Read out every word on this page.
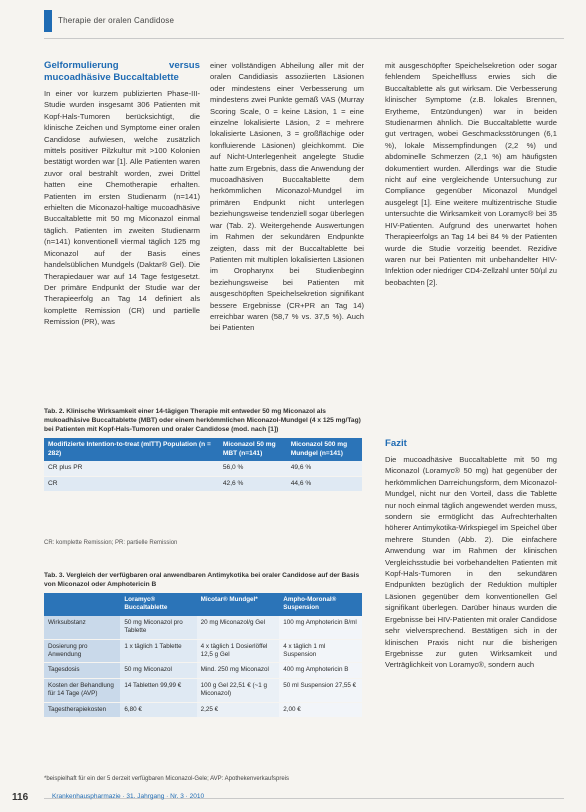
Therapie der oralen Candidose
Gelformulierung versus mucoadhäsive Buccaltablette

In einer vor kurzem publizierten Phase-III-Studie wurden insgesamt 306 Patienten mit Kopf-Hals-Tumoren berücksichtigt, die klinische Zeichen und Symptome einer oralen Candidose aufwiesen, welche zusätzlich mittels positiver Pilzkultur mit >100 Kolonien bestätigt worden war [1]. Alle Patienten waren zuvor oral bestrahlt worden, zwei Drittel hatten eine Chemotherapie erhalten. Patienten im ersten Studienarm (n=141) erhielten die Miconazol-haltige mucoadhäsive Buccaltablette mit 50 mg Miconazol einmal täglich. Patienten im zweiten Studienarm (n=141) konventionell viermal täglich 125 mg Miconazol auf der Basis eines handelsüblichen Mundgels (Daktar® Gel). Die Therapiedauer war auf 14 Tage festgesetzt. Der primäre Endpunkt der Studie war der Therapieerfolg an Tag 14 definiert als komplette Remission (CR) und partielle Remission (PR), was

einer vollständigen Abheilung aller mit der oralen Candidiasis assoziierten Läsionen oder mindestens einer Verbesserung um mindestens zwei Punkte gemäß VAS (Murray Scoring Scale, 0 = keine Läsion, 1 = eine einzelne lokalisierte Läsion, 2 = mehrere lokalisierte Läsionen, 3 = großflächige oder konfluierende Läsionen) gleichkommt. Die auf Nicht-Unterlegenheit angelegte Studie hatte zum Ergebnis, dass die Anwendung der mucoadhäsiven Buccaltablette dem herkömmlichen Miconazol-Mundgel im primären Endpunkt nicht unterlegen beziehungsweise tendenziell sogar überlegen war (Tab. 2). Weitergehende Auswertungen im Rahmen der sekundären Endpunkte zeigten, dass mit der Buccaltablette bei Patienten mit multiplen lokalisierten Läsionen im Oropharynx bei Studienbeginn beziehungsweise bei Patienten mit ausgeschöpften Speichelsekretion signifikant bessere Ergebnisse (CR+PR an Tag 14) erreichbar waren (58,7 % vs. 37,5 %). Auch bei Patienten

mit ausgeschöpfter Speichelsekretion oder sogar fehlendem Speichelfluss erwies sich die Buccaltablette als gut wirksam. Die Verbesserung klinischer Symptome (z.B. lokales Brennen, Erytheme, Entzündungen) war in beiden Studienarmen ähnlich. Die Buccaltablette wurde gut vertragen, wobei Geschmacksstörungen (6,1 %), lokale Missempfindungen (2,2 %) und abdominelle Schmerzen (2,1 %) am häufigsten dokumentiert wurden. Allerdings war die Studie nicht auf eine vergleichende Untersuchung zur Compliance gegenüber Miconazol Mundgel ausgelegt [1]. Eine weitere multizentrische Studie untersuchte die Wirksamkeit von Loramyc® bei 35 HIV-Patienten. Aufgrund des unerwartet hohen Therapieerfolgs an Tag 14 bei 84 % der Patienten wurde die Studie vorzeitig beendet. Rezidive waren nur bei Patienten mit unbehandelter HIV-Infektion oder niedriger CD4-Zellzahl unter 50/µl zu beobachten [2].

Fazit

Die mucoadhäsive Buccaltablette mit 50 mg Miconazol (Loramyc® 50 mg) hat gegenüber der herkömmlichen Darreichungsform, dem Miconazol-Mundgel, nicht nur den Vorteil, dass die Tablette nur noch einmal täglich angewendet werden muss, sondern sie ermöglicht das Aufrechterhalten höherer Antimykotika-Wirkspiegel im Speichel über mehrere Stunden (Abb. 2). Die einfachere Anwendung war im Rahmen der klinischen Vergleichsstudie bei vorbehandelten Patienten mit Kopf-Hals-Tumoren in den sekundären Endpunkten bezüglich der Reduktion multipler Läsionen gegenüber dem konventionellen Gel signifikant überlegen. Darüber hinaus wurden die Ergebnisse bei HIV-Patienten mit oraler Candidose sehr vielversprechend. Bestätigen sich in der klinischen Praxis nicht nur die bisherigen Ergebnisse zur guten Wirksamkeit und Verträglichkeit von Loramyc®, sondern auch

Tab. 2. Klinische Wirksamkeit einer 14-tägigen Therapie mit entweder 50 mg Miconazol als mukoadhäsive Buccaltablette (MBT) oder einem herkömmlichen Miconazol-Mundgel (4 x 125 mg/Tag) bei Patienten mit Kopf-Hals-Tumoren und oraler Candidose (mod. nach [1])
Modifizierte Intention-to-treat (mITT) Population (n = 282)	Miconazol 50 mg MBT (n=141)	Miconazol 500 mg Mundgel (n=141)
CR plus PR	56,0 %	49,6 %
CR	42,6 %	44,6 %
CR: komplette Remission; PR: partielle Remission
Tab. 3. Vergleich der verfügbaren oral anwendbaren Antimykotika bei oraler Candidose auf der Basis von Miconazol oder Amphotericin B
	Loramyc® Buccaltablette	Micotar® Mundgel*	Ampho-Moronal® Suspension
Wirksubstanz	50 mg Miconazol pro Tablette	20 mg Miconazol/g Gel	100 mg Amphotericin B/ml
Dosierung pro Anwendung	1 x täglich 1 Tablette	4 x täglich 1 Dosierlöffel 12,5 g Gel	4 x täglich 1 ml Suspension
Tagesdosis	50 mg Miconazol	Mind. 250 mg Miconazol	400 mg Amphotericin B
Kosten der Behandlung für 14 Tage (AVP)	14 Tabletten 99,99 €	100 g Gel 22,51 € (~1 g Miconazol)	50 ml Suspension 27,55 €
Tagestherapiekosten	6,80 €	2,25 €	2,00 €
*beispielhaft für ein der 5 derzeit verfügbaren Miconazol-Gele; AVP: Apothekenverkaufspreis
116	Krankenhauspharmazie · 31. Jahrgang · Nr. 3 · 2010
